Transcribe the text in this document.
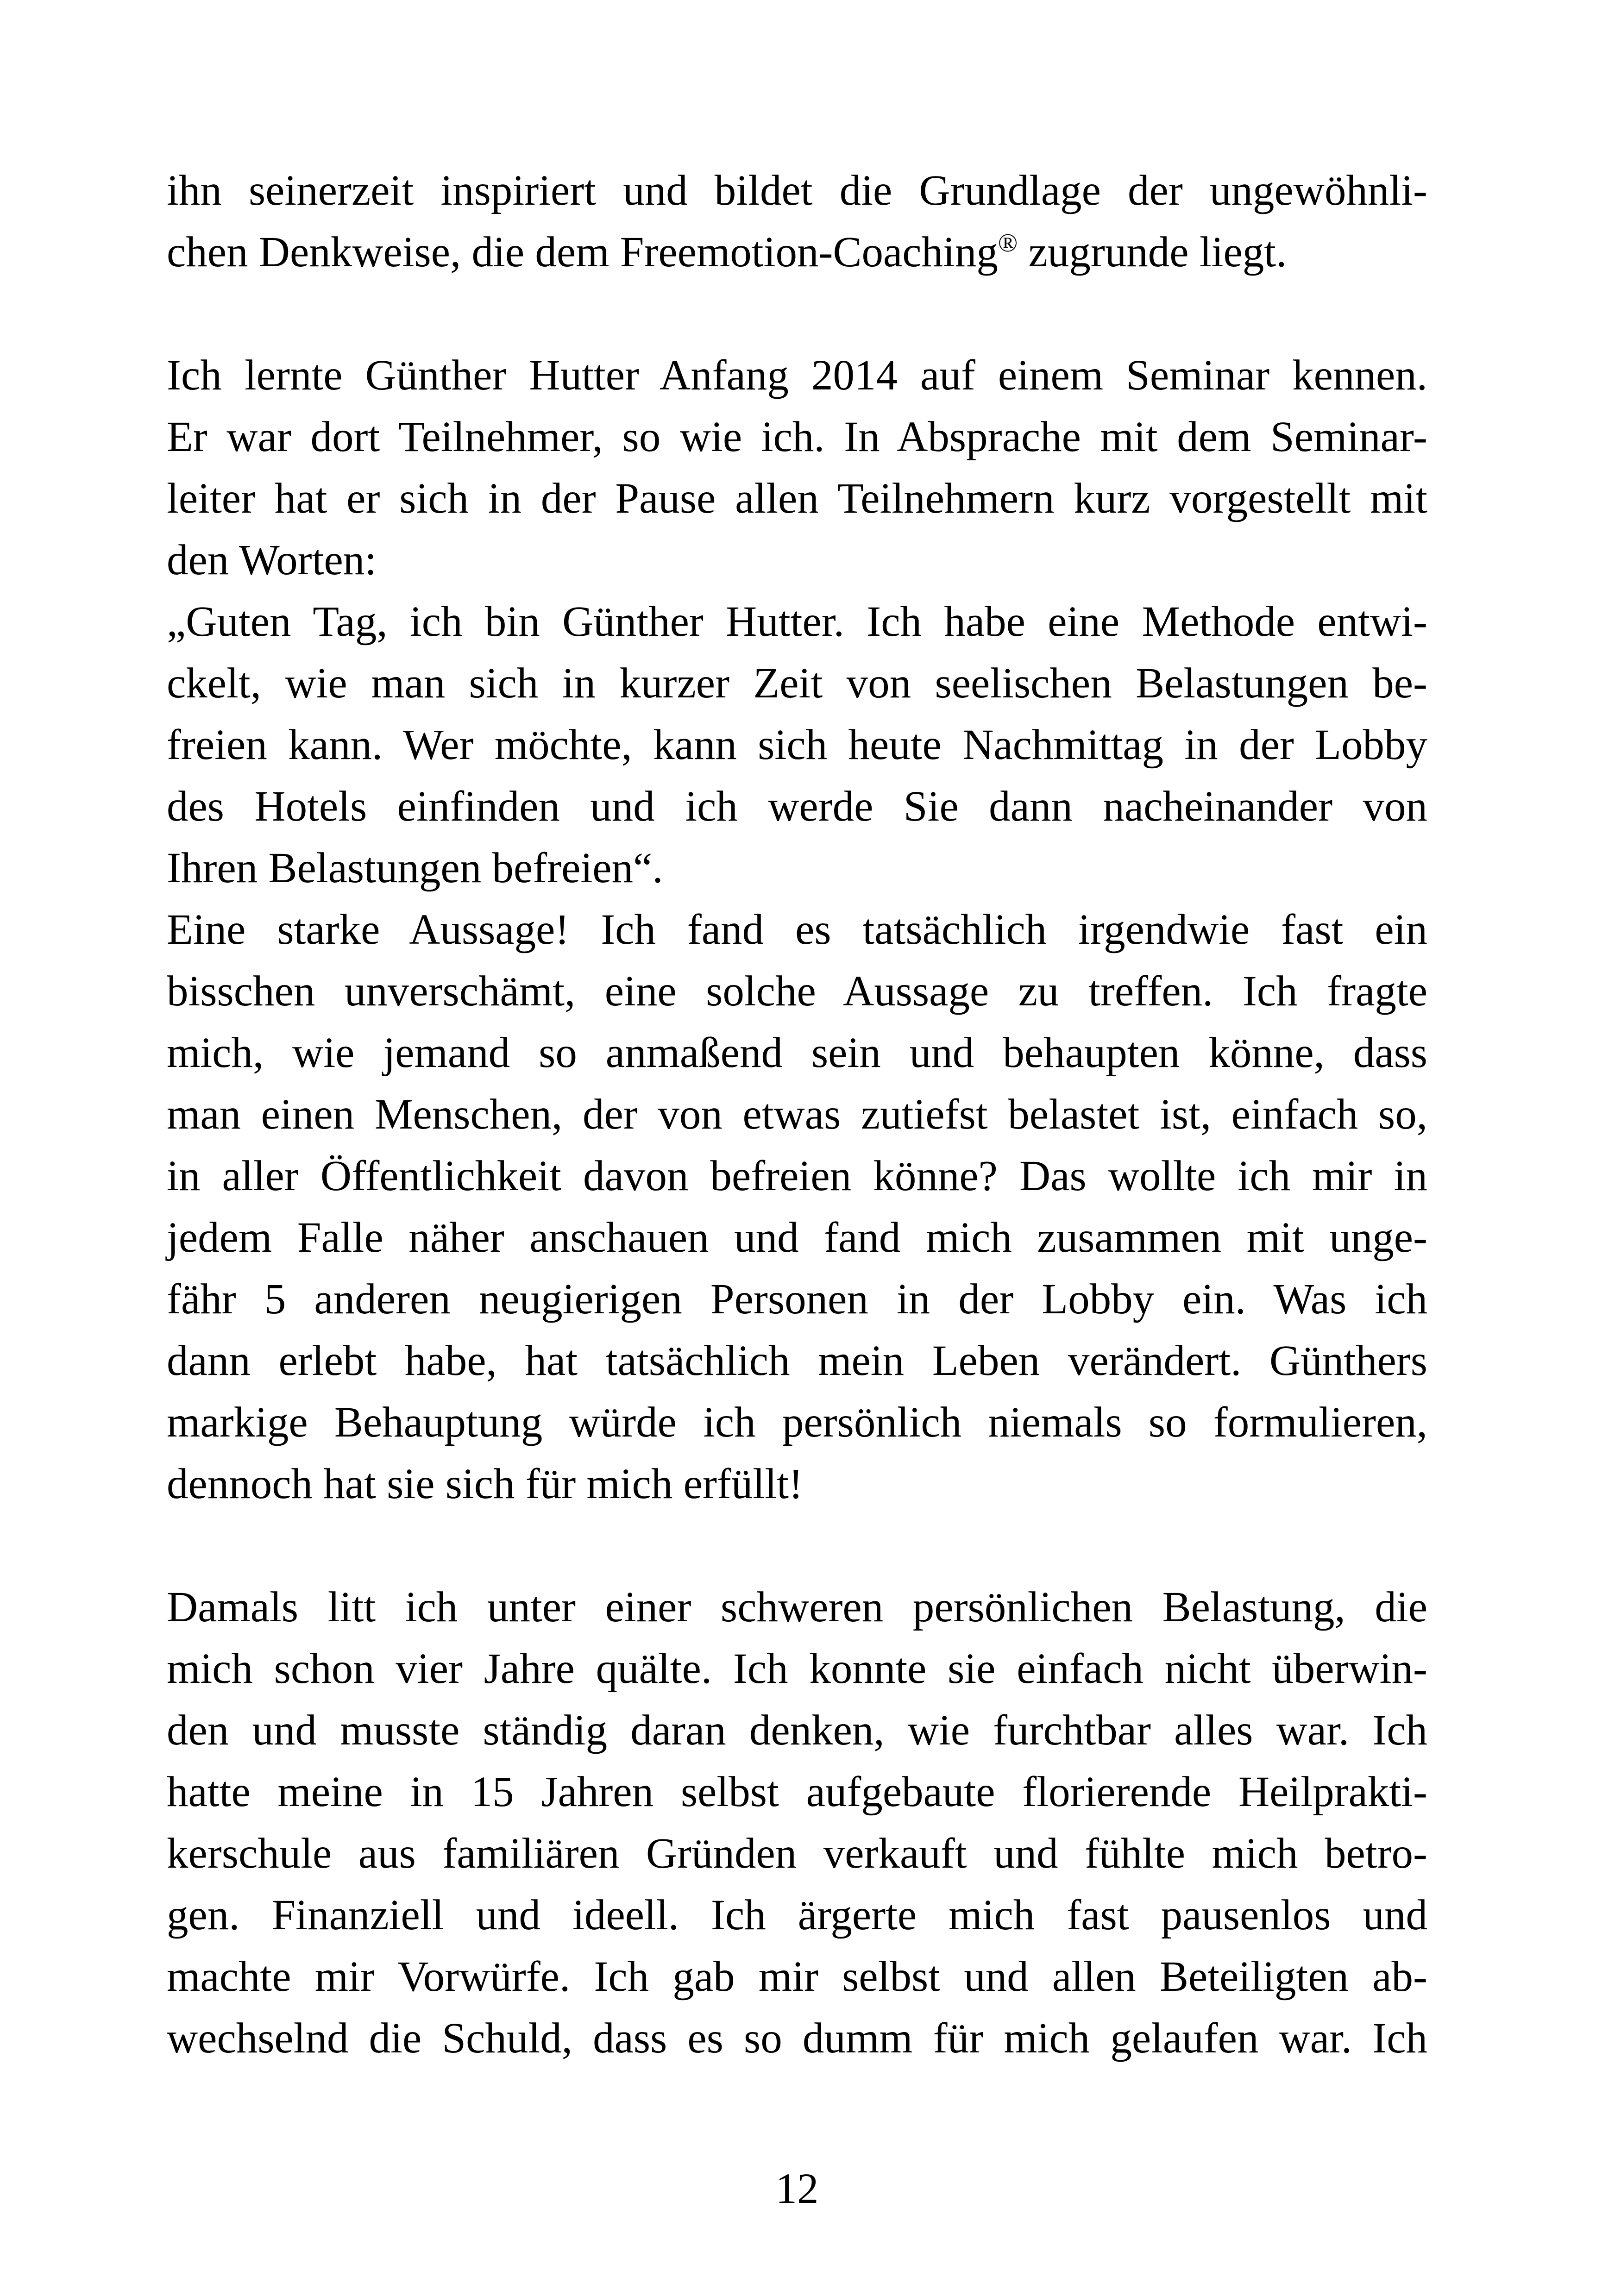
ihn seinerzeit inspiriert und bildet die Grundlage der ungewöhnli-
chen Denkweise, die dem Freemotion-Coaching® zugrunde liegt.
Ich lernte Günther Hutter Anfang 2014 auf einem Seminar kennen.
Er war dort Teilnehmer, so wie ich. In Absprache mit dem Seminar-
leiter hat er sich in der Pause allen Teilnehmern kurz vorgestellt mit
den Worten:
„Guten Tag, ich bin Günther Hutter. Ich habe eine Methode entwi-
ckelt, wie man sich in kurzer Zeit von seelischen Belastungen be-
freien kann. Wer möchte, kann sich heute Nachmittag in der Lobby
des Hotels einfinden und ich werde Sie dann nacheinander von
Ihren Belastungen befreien“.
Eine starke Aussage! Ich fand es tatsächlich irgendwie fast ein
bisschen unverschämt, eine solche Aussage zu treffen. Ich fragte
mich, wie jemand so anmaßend sein und behaupten könne, dass
man einen Menschen, der von etwas zutiefst belastet ist, einfach so,
in aller Öffentlichkeit davon befreien könne? Das wollte ich mir in
jedem Falle näher anschauen und fand mich zusammen mit unge-
fähr 5 anderen neugierigen Personen in der Lobby ein. Was ich
dann erlebt habe, hat tatsächlich mein Leben verändert. Günthers
markige Behauptung würde ich persönlich niemals so formulieren,
dennoch hat sie sich für mich erfüllt!
Damals litt ich unter einer schweren persönlichen Belastung, die
mich schon vier Jahre quälte. Ich konnte sie einfach nicht überwin-
den und musste ständig daran denken, wie furchtbar alles war. Ich
hatte meine in 15 Jahren selbst aufgebaute florierende Heilprakti-
kerschule aus familiären Gründen verkauft und fühlte mich betro-
gen. Finanziell und ideell. Ich ärgerte mich fast pausenlos und
machte mir Vorwürfe. Ich gab mir selbst und allen Beteiligten ab-
wechselnd die Schuld, dass es so dumm für mich gelaufen war. Ich
12
